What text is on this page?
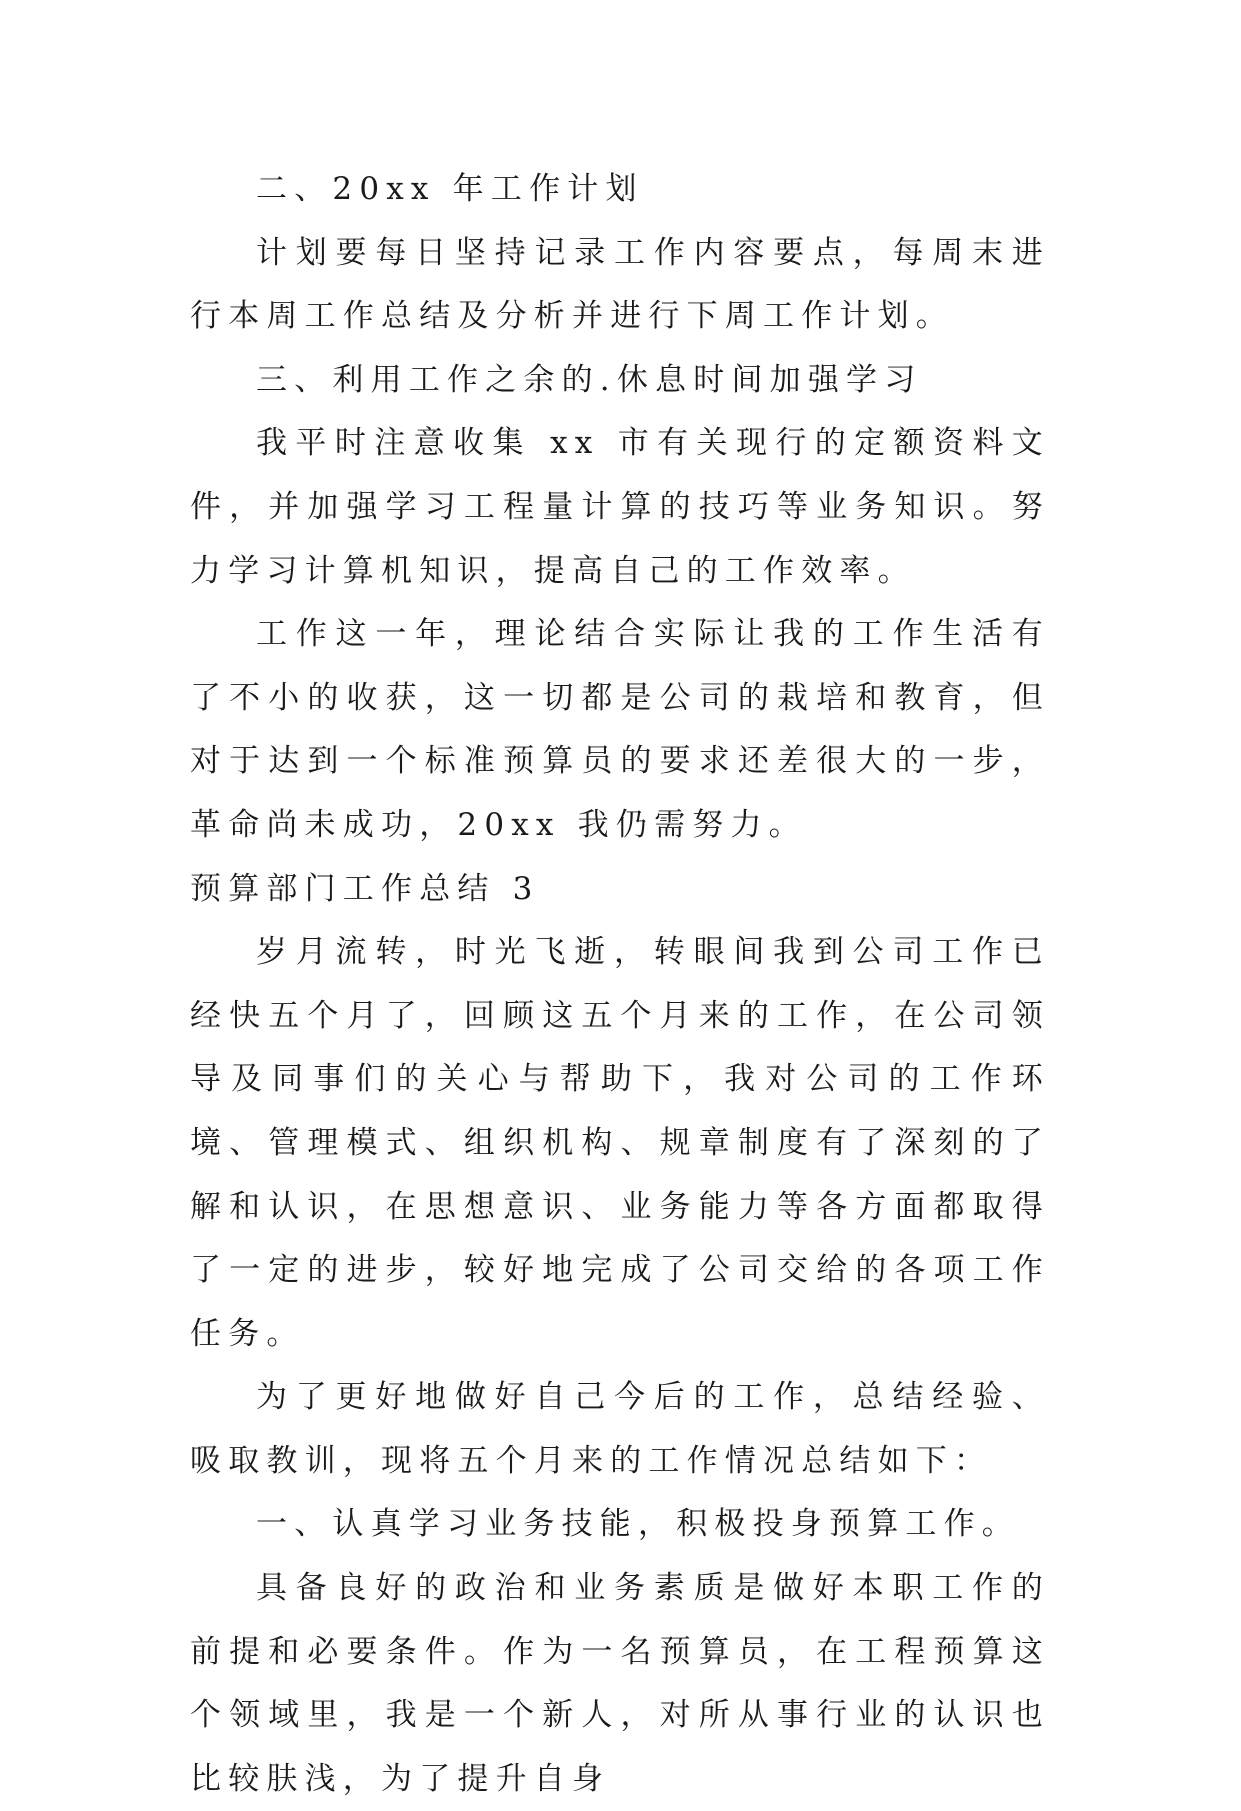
二、20xx 年工作计划

计划要每日坚持记录工作内容要点，每周末进行本周工作总结及分析并进行下周工作计划。

三、利用工作之余的.休息时间加强学习

我平时注意收集 xx 市有关现行的定额资料文件，并加强学习工程量计算的技巧等业务知识。努力学习计算机知识，提高自己的工作效率。

工作这一年，理论结合实际让我的工作生活有了不小的收获，这一切都是公司的栽培和教育，但对于达到一个标准预算员的要求还差很大的一步，革命尚未成功，20xx 我仍需努力。

预算部门工作总结 3

岁月流转，时光飞逝，转眼间我到公司工作已经快五个月了，回顾这五个月来的工作，在公司领导及同事们的关心与帮助下，我对公司的工作环境、管理模式、组织机构、规章制度有了深刻的了解和认识，在思想意识、业务能力等各方面都取得了一定的进步，较好地完成了公司交给的各项工作任务。

为了更好地做好自己今后的工作，总结经验、吸取教训，现将五个月来的工作情况总结如下：

一、认真学习业务技能，积极投身预算工作。

具备良好的政治和业务素质是做好本职工作的前提和必要条件。作为一名预算员，在工程预算这个领域里，我是一个新人，对所从事行业的认识也比较肤浅，为了提升自身
